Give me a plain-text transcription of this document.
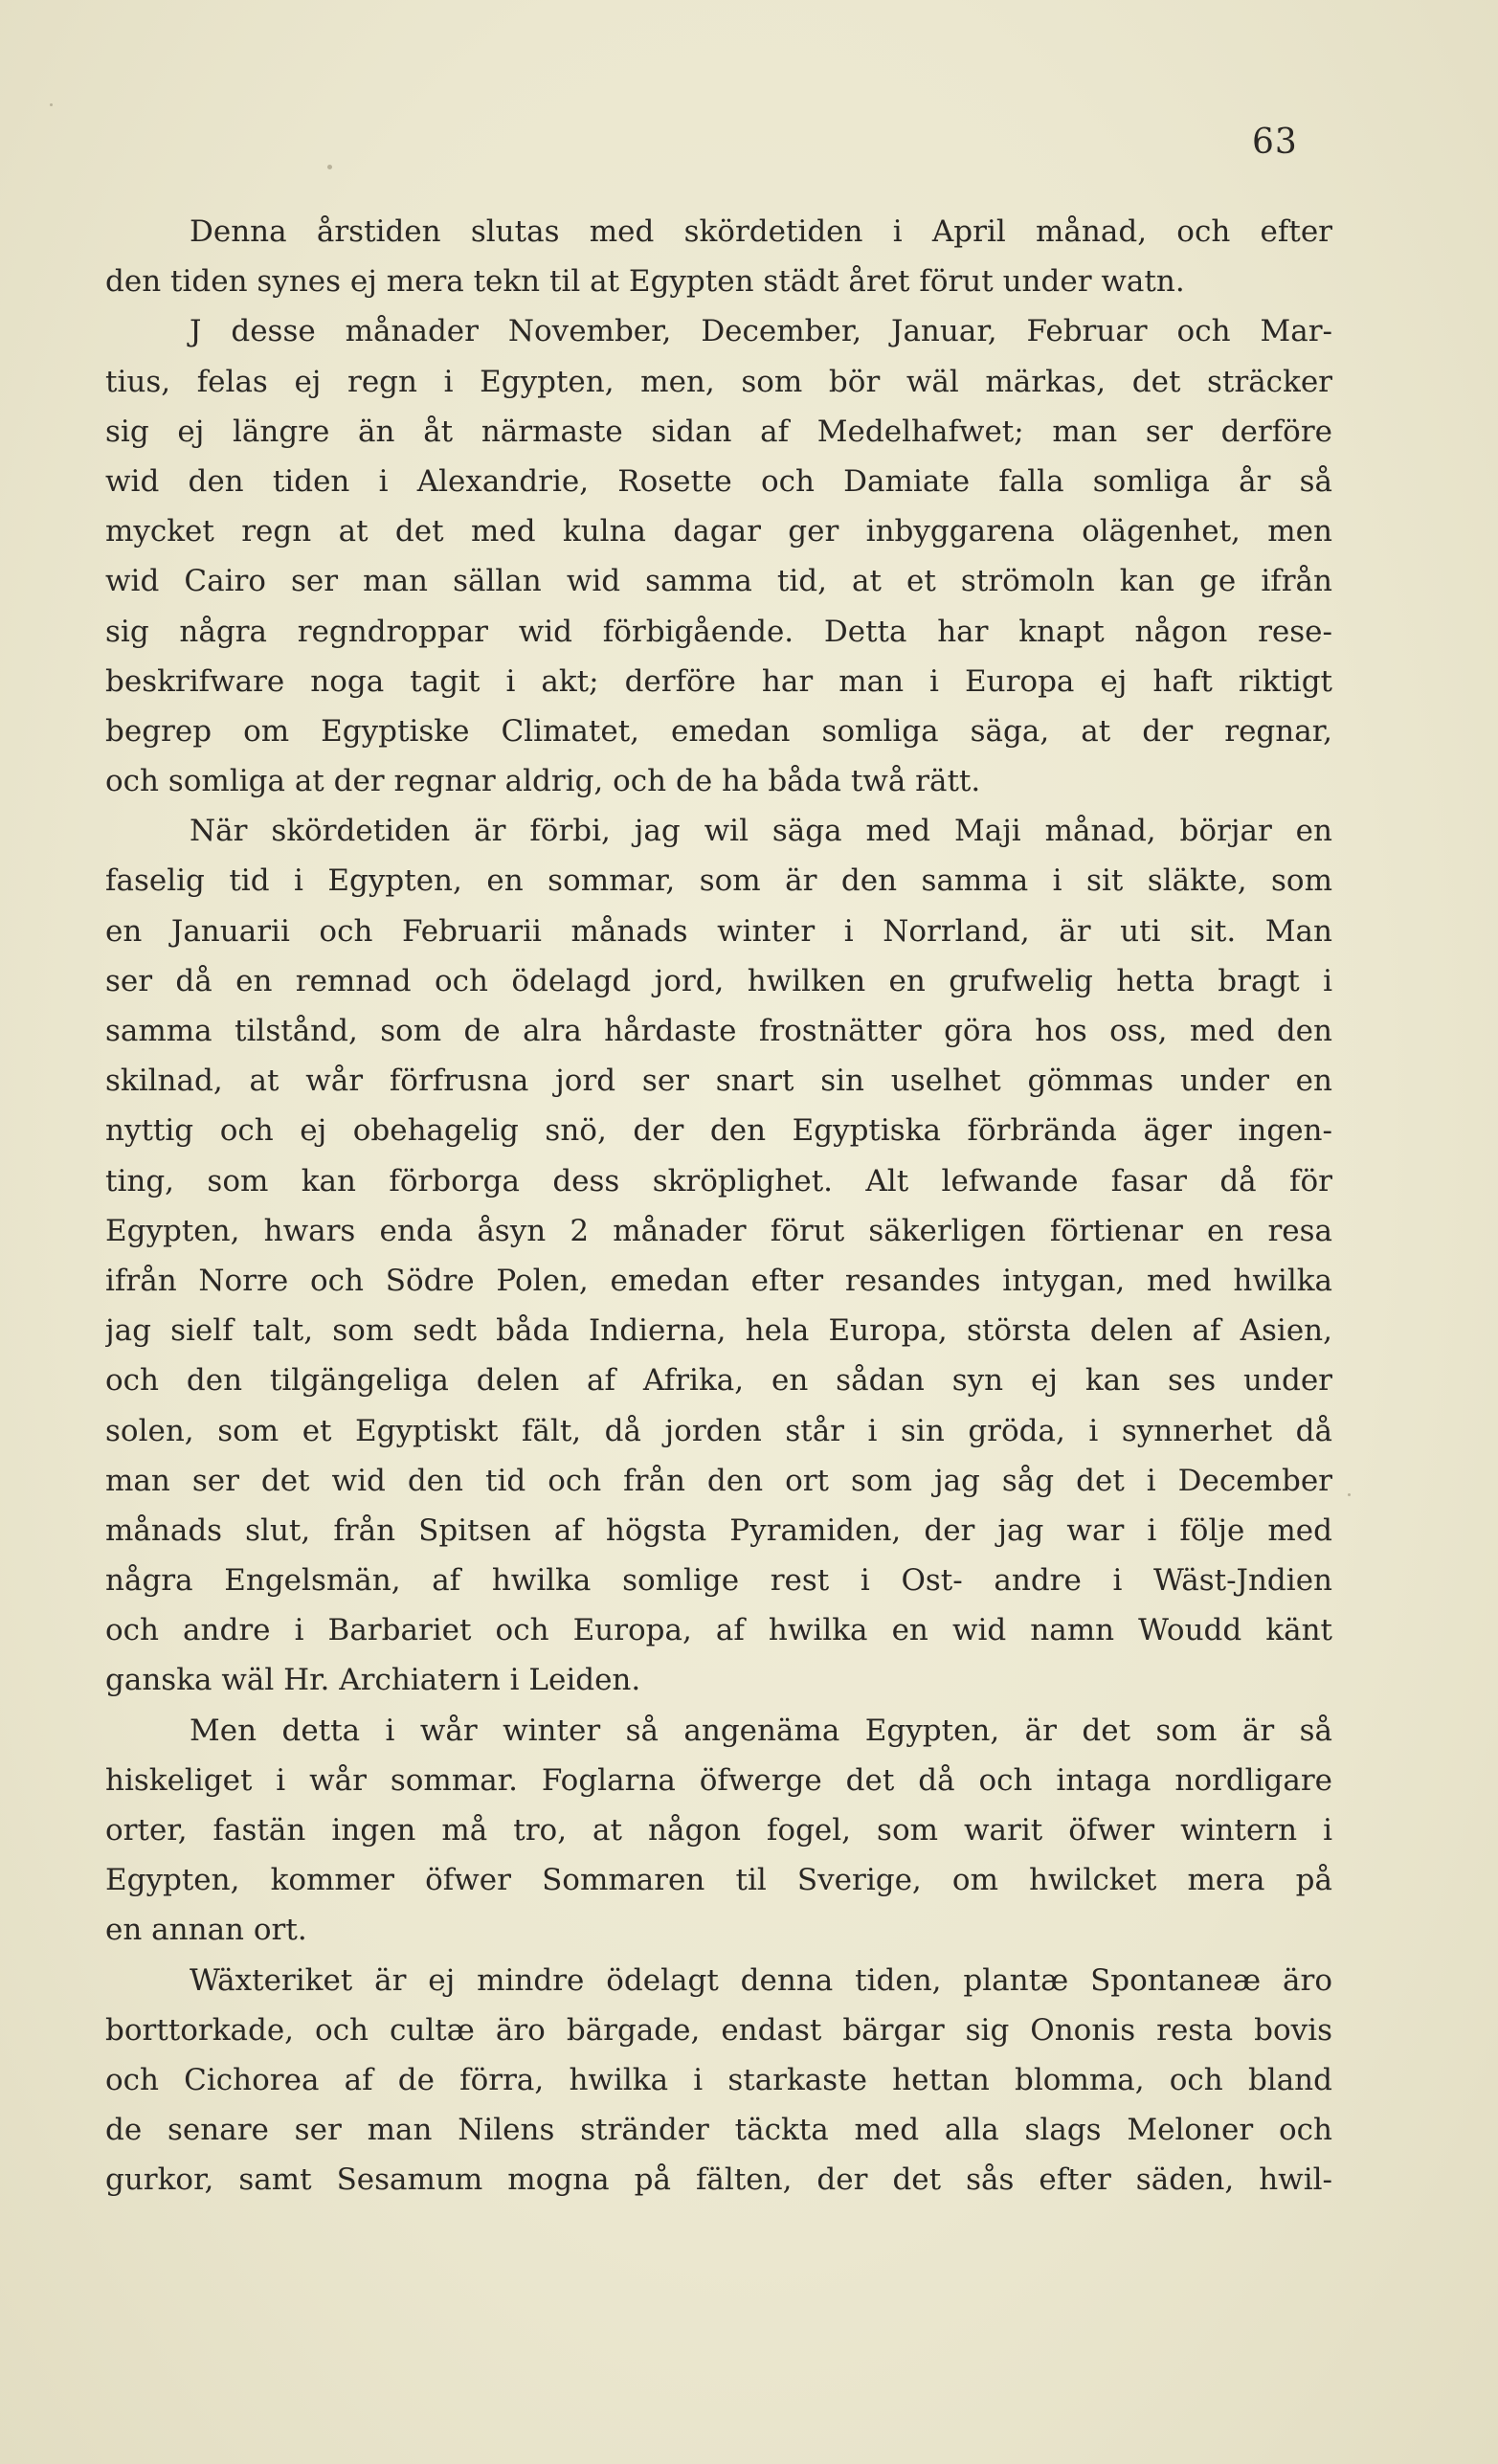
63
Denna årstiden slutas med skördetiden i April månad, och efter
den tiden synes ej mera tekn til at Egypten städt året förut under watn.
J desse månader November, December, Januar, Februar och Mar-
tius, felas ej regn i Egypten, men, som bör wäl märkas, det sträcker
sig ej längre än åt närmaste sidan af Medelhafwet; man ser derföre
wid den tiden i Alexandrie, Rosette och Damiate falla somliga år så
mycket regn at det med kulna dagar ger inbyggarena olägenhet, men
wid Cairo ser man sällan wid samma tid, at et strömoln kan ge ifrån
sig några regndroppar wid förbigående. Detta har knapt någon rese-
beskrifware noga tagit i akt; derföre har man i Europa ej haft riktigt
begrep om Egyptiske Climatet, emedan somliga säga, at der regnar,
och somliga at der regnar aldrig, och de ha båda twå rätt.
När skördetiden är förbi, jag wil säga med Maji månad, börjar en
faselig tid i Egypten, en sommar, som är den samma i sit släkte, som
en Januarii och Februarii månads winter i Norrland, är uti sit. Man
ser då en remnad och ödelagd jord, hwilken en grufwelig hetta bragt i
samma tilstånd, som de alra hårdaste frostnätter göra hos oss, med den
skilnad, at wår förfrusna jord ser snart sin uselhet gömmas under en
nyttig och ej obehagelig snö, der den Egyptiska förbrända äger ingen-
ting, som kan förborga dess skröplighet. Alt lefwande fasar då för
Egypten, hwars enda åsyn 2 månader förut säkerligen förtienar en resa
ifrån Norre och Södre Polen, emedan efter resandes intygan, med hwilka
jag sielf talt, som sedt båda Indierna, hela Europa, största delen af Asien,
och den tilgängeliga delen af Afrika, en sådan syn ej kan ses under
solen, som et Egyptiskt fält, då jorden står i sin gröda, i synnerhet då
man ser det wid den tid och från den ort som jag såg det i December
månads slut, från Spitsen af högsta Pyramiden, der jag war i följe med
några Engelsmän, af hwilka somlige rest i Ost- andre i Wäst-Jndien
och andre i Barbariet och Europa, af hwilka en wid namn Woudd känt
ganska wäl Hr. Archiatern i Leiden.
Men detta i wår winter så angenäma Egypten, är det som är så
hiskeliget i wår sommar. Foglarna öfwerge det då och intaga nordligare
orter, fastän ingen må tro, at någon fogel, som warit öfwer wintern i
Egypten, kommer öfwer Sommaren til Sverige, om hwilcket mera på
en annan ort.
Wäxteriket är ej mindre ödelagt denna tiden, plantæ Spontaneæ äro
borttorkade, och cultæ äro bärgade, endast bärgar sig Ononis resta bovis
och Cichorea af de förra, hwilka i starkaste hettan blomma, och bland
de senare ser man Nilens stränder täckta med alla slags Meloner och
gurkor, samt Sesamum mogna på fälten, der det sås efter säden, hwil-
